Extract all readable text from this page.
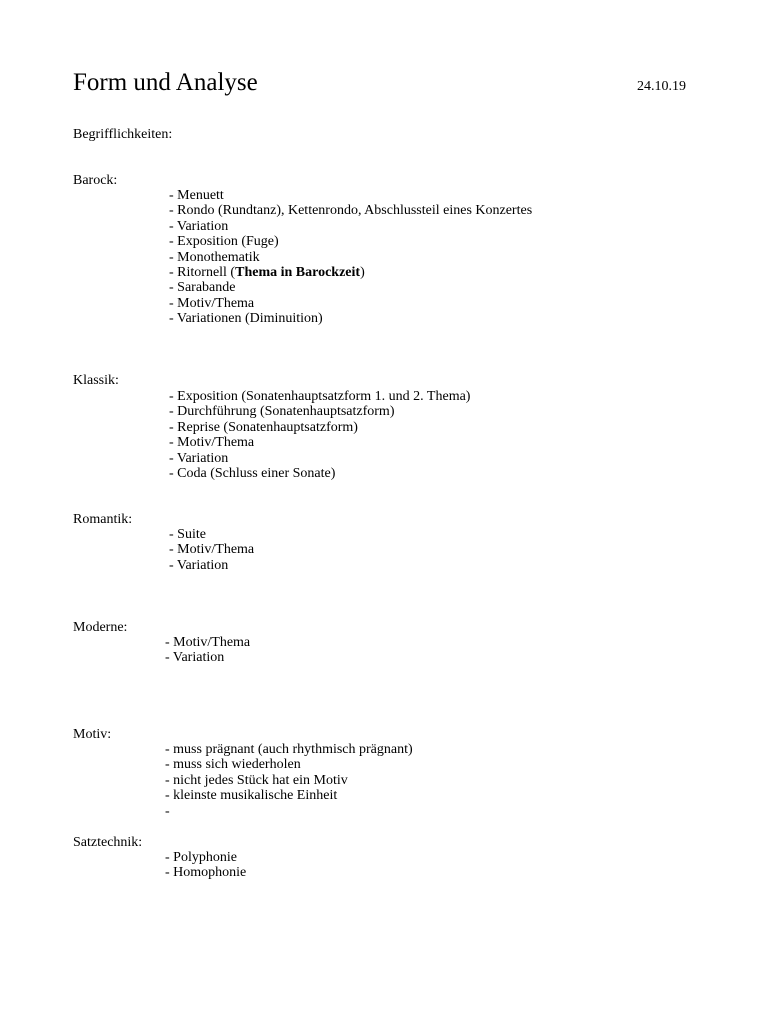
Form und Analyse	24.10.19
Begrifflichkeiten:
Barock:
- Menuett
- Rondo (Rundtanz), Kettenrondo, Abschlussteil eines Konzertes
- Variation
- Exposition (Fuge)
- Monothematik
- Ritornell (Thema in Barockzeit)
- Sarabande
- Motiv/Thema
- Variationen (Diminuition)
Klassik:
- Exposition (Sonatenhauptsatzform 1. und 2. Thema)
- Durchführung (Sonatenhauptsatzform)
- Reprise (Sonatenhauptsatzform)
- Motiv/Thema
- Variation
- Coda (Schluss einer Sonate)
Romantik:
- Suite
- Motiv/Thema
- Variation
Moderne:
- Motiv/Thema
- Variation
Motiv:
- muss prägnant (auch rhythmisch prägnant)
- muss sich wiederholen
- nicht jedes Stück hat ein Motiv
- kleinste musikalische Einheit
-
Satztechnik:
- Polyphonie
- Homophonie
